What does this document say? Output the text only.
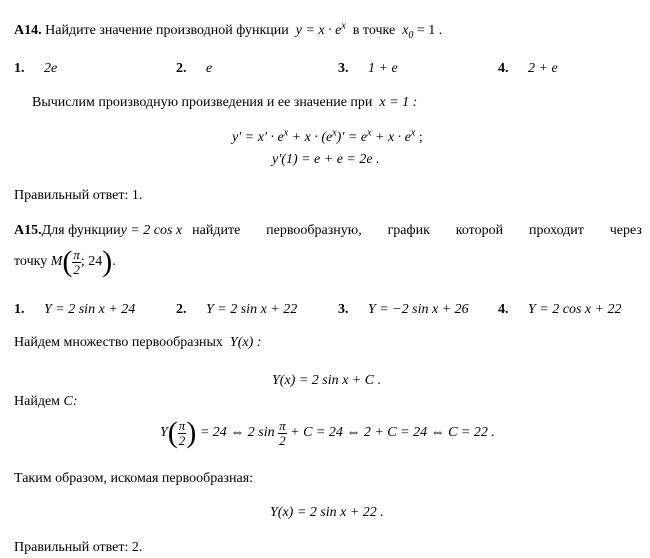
А14. Найдите значение производной функции $y = x \cdot e^x$ в точке $x_0 = 1$ .
1. 2e	2. e	3. 1 + e	4. 2 + e
Вычислим производную произведения и ее значение при x = 1 :
$y' = x' \cdot e^x + x \cdot (e^x)' = e^x + x \cdot e^x$ ;
y′(1) = e + e = 2e .
Правильный ответ: 1.
А15. Для функции y = 2 cos x найдите первообразную, график которой проходит через
точку
M ( $\frac{\pi}{2}$ ; 24 ) .
1. Y = 2 sin x + 24	2. Y = 2 sin x + 22	3. Y = −2 sin x + 26 4. Y = 2 cos x + 22
Найдем множество первообразных Y(x) :
Y(x) = 2 sin x + C .
Найдем C:
Y ( $\frac{\pi}{2}$ )
= 24 ⇔ 2 sin
$\frac{\pi}{2}$
+ C = 24 ⇔ 2 + C = 24 ⇔ C = 22 .
Таким образом, искомая первообразная:
Y(x) = 2 sin x + 22 .
Правильный ответ: 2.
